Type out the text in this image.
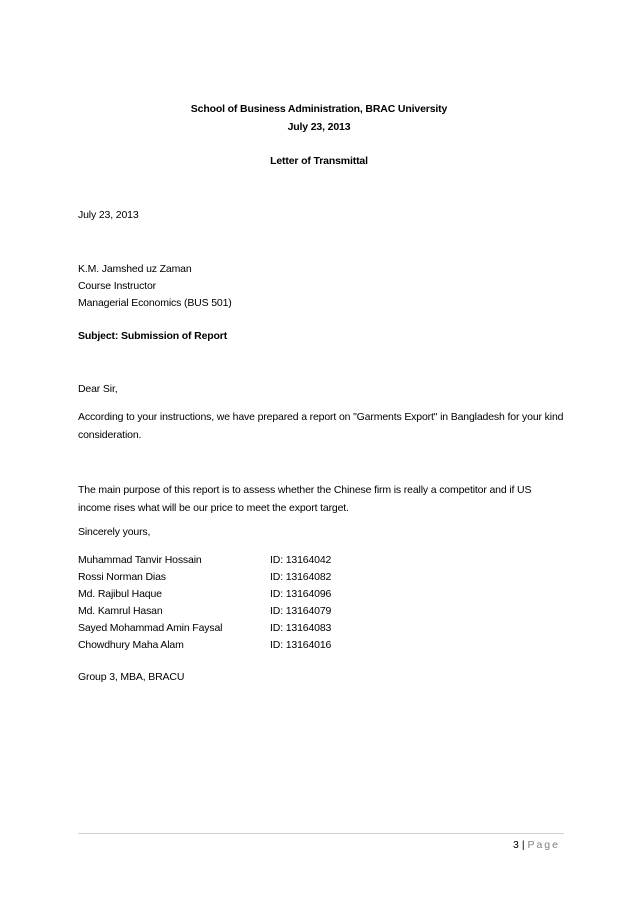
School of Business Administration, BRAC University
July 23, 2013
Letter of Transmittal
July 23, 2013
K.M. Jamshed uz Zaman
Course Instructor
Managerial Economics (BUS 501)
Subject: Submission of Report
Dear Sir,
According to your instructions, we have prepared a report on "Garments Export" in Bangladesh for your kind consideration.
The main purpose of this report is to assess whether the Chinese firm is really a competitor and if US income rises what will be our price to meet the export target.
Sincerely yours,
Muhammad Tanvir Hossain	ID: 13164042
Rossi Norman Dias	ID: 13164082
Md. Rajibul Haque	ID: 13164096
Md. Kamrul Hasan	ID: 13164079
Sayed Mohammad Amin Faysal	ID: 13164083
Chowdhury Maha Alam	ID: 13164016
Group 3, MBA, BRACU
3 | Page
